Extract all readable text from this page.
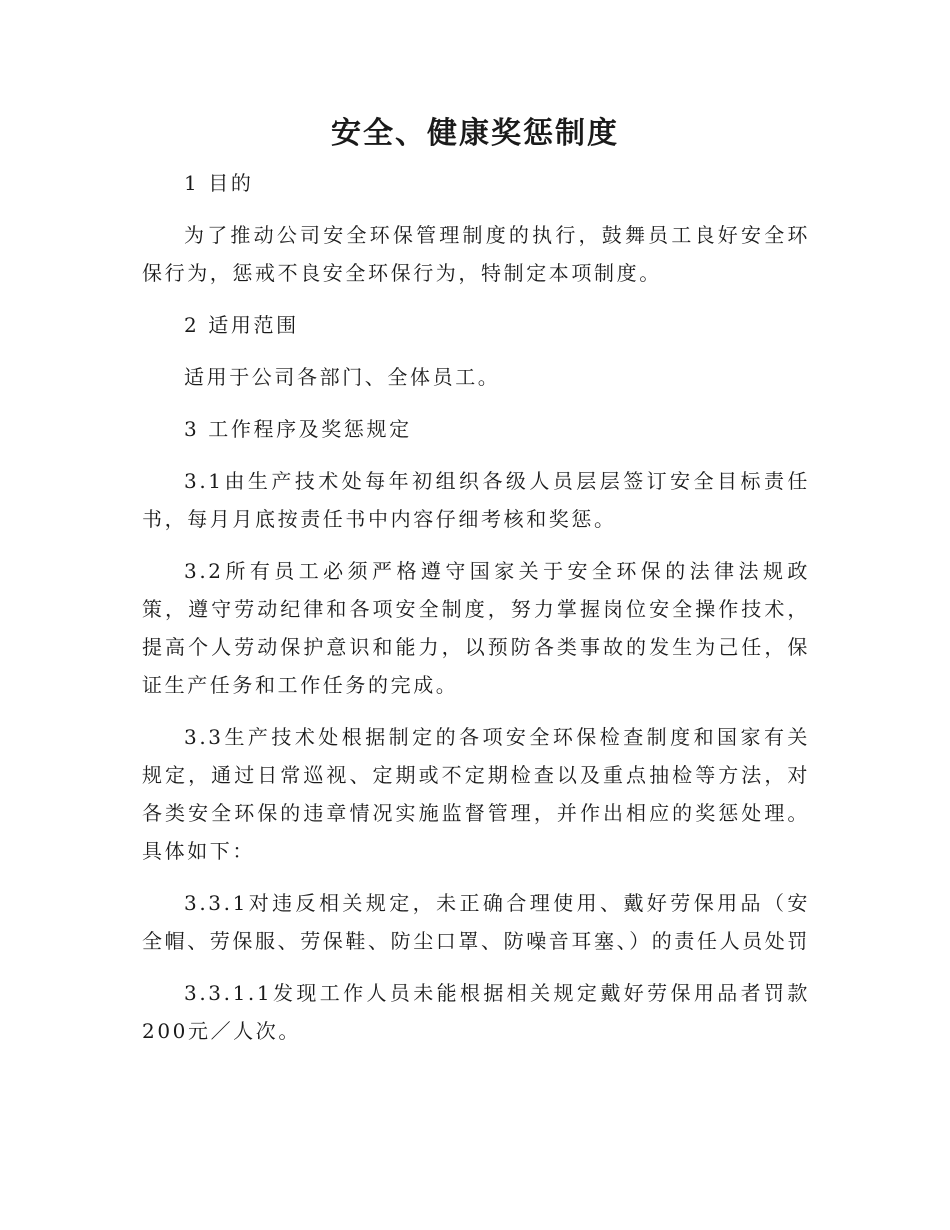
安全、健康奖惩制度

1 目的

为了推动公司安全环保管理制度的执行，鼓舞员工良好安全环保行为，惩戒不良安全环保行为，特制定本项制度。

2 适用范围

适用于公司各部门、全体员工。

3 工作程序及奖惩规定

3.1由生产技术处每年初组织各级人员层层签订安全目标责任书，每月月底按责任书中内容仔细考核和奖惩。

3.2所有员工必须严格遵守国家关于安全环保的法律法规政策，遵守劳动纪律和各项安全制度，努力掌握岗位安全操作技术，提高个人劳动保护意识和能力，以预防各类事故的发生为己任，保证生产任务和工作任务的完成。

3.3生产技术处根据制定的各项安全环保检查制度和国家有关规定，通过日常巡视、定期或不定期检查以及重点抽检等方法，对各类安全环保的违章情况实施监督管理，并作出相应的奖惩处理。具体如下：

3.3.1对违反相关规定，未正确合理使用、戴好劳保用品（安全帽、劳保服、劳保鞋、防尘口罩、防噪音耳塞、）的责任人员处罚

3.3.1.1发现工作人员未能根据相关规定戴好劳保用品者罚款200元／人次。
